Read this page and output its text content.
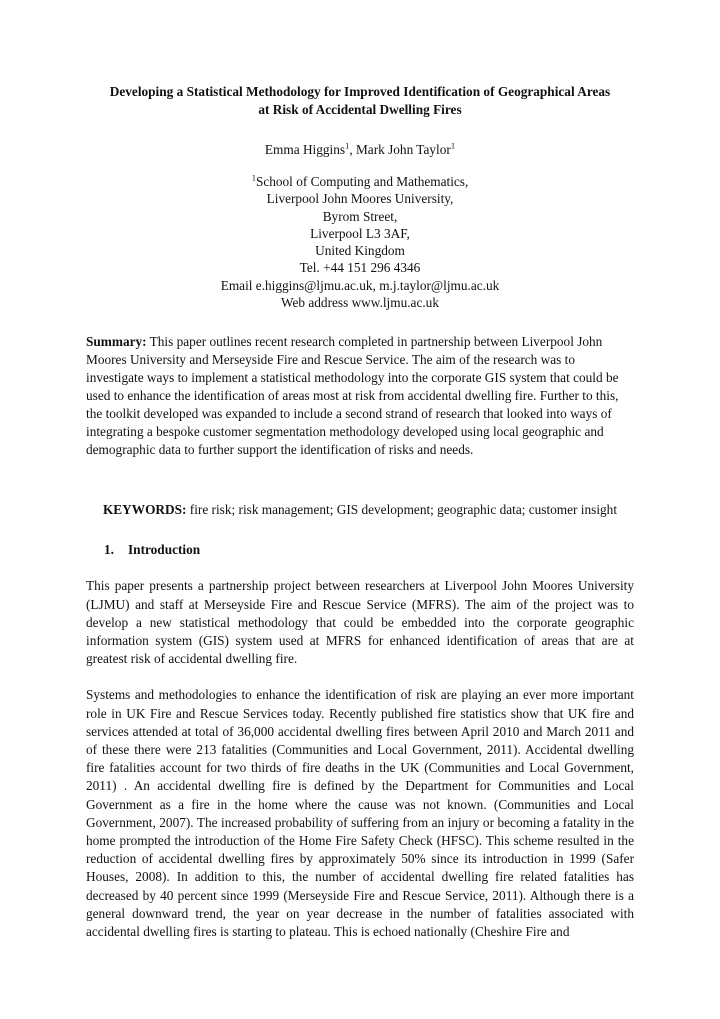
Developing a Statistical Methodology for Improved Identification of Geographical Areas
at Risk of Accidental Dwelling Fires
Emma Higgins$^1$, Mark John Taylor$^1$
$^1$School of Computing and Mathematics,
Liverpool John Moores University,
Byrom Street,
Liverpool L3 3AF,
United Kingdom
Tel. +44 151 296 4346
Email e.higgins@ljmu.ac.uk, m.j.taylor@ljmu.ac.uk
Web address www.ljmu.ac.uk

Summary: This paper outlines recent research completed in partnership between Liverpool John Moores University and Merseyside Fire and Rescue Service. The aim of the research was to investigate ways to implement a statistical methodology into the corporate GIS system that could be used to enhance the identification of areas most at risk from accidental dwelling fire. Further to this, the toolkit developed was expanded to include a second strand of research that looked into ways of integrating a bespoke customer segmentation methodology developed using local geographic and demographic data to further support the identification of risks and needs.

KEYWORDS: fire risk; risk management; GIS development; geographic data; customer insight
1. Introduction

This paper presents a partnership project between researchers at Liverpool John Moores University (LJMU) and staff at Merseyside Fire and Rescue Service (MFRS). The aim of the project was to develop a new statistical methodology that could be embedded into the corporate geographic information system (GIS) system used at MFRS for enhanced identification of areas that are at greatest risk of accidental dwelling fire.

Systems and methodologies to enhance the identification of risk are playing an ever more important role in UK Fire and Rescue Services today. Recently published fire statistics show that UK fire and services attended at total of 36,000 accidental dwelling fires between April 2010 and March 2011 and of these there were 213 fatalities (Communities and Local Government, 2011). Accidental dwelling fire fatalities account for two thirds of fire deaths in the UK (Communities and Local Government, 2011) . An accidental dwelling fire is defined by the Department for Communities and Local Government as a fire in the home where the cause was not known. (Communities and Local Government, 2007). The increased probability of suffering from an injury or becoming a fatality in the home prompted the introduction of the Home Fire Safety Check (HFSC). This scheme resulted in the reduction of accidental dwelling fires by approximately 50% since its introduction in 1999 (Safer Houses, 2008). In addition to this, the number of accidental dwelling fire related fatalities has decreased by 40 percent since 1999 (Merseyside Fire and Rescue Service, 2011). Although there is a general downward trend, the year on year decrease in the number of fatalities associated with accidental dwelling fires is starting to plateau. This is echoed nationally (Cheshire Fire and
